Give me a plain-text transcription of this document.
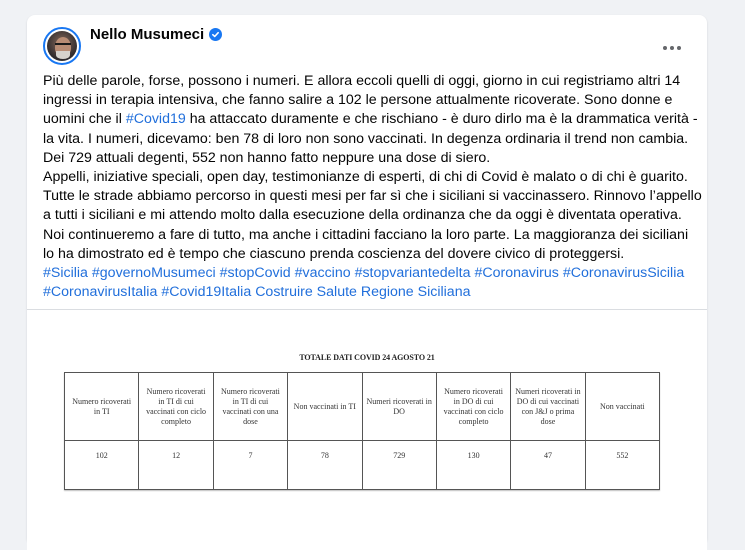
Nello Musumeci

Più delle parole, forse, possono i numeri. E allora eccoli quelli di oggi, giorno in cui registriamo altri 14

ingressi in terapia intensiva, che fanno salire a 102 le persone attualmente ricoverate. Sono donne e

uomini che il #Covid19 ha attaccato duramente e che rischiano - è duro dirlo ma è la drammatica verità -

la vita. I numeri, dicevamo: ben 78 di loro non sono vaccinati. In degenza ordinaria il trend non cambia.

Dei 729 attuali degenti, 552 non hanno fatto neppure una dose di siero.

Appelli, iniziative speciali, open day, testimonianze di esperti, di chi di Covid è malato o di chi è guarito.

Tutte le strade abbiamo percorso in questi mesi per far sì che i siciliani si vaccinassero. Rinnovo l’appello

a tutti i siciliani e mi attendo molto dalla esecuzione della ordinanza che da oggi è diventata operativa.

Noi continueremo a fare di tutto, ma anche i cittadini facciano la loro parte. La maggioranza dei siciliani

lo ha dimostrato ed è tempo che ciascuno prenda coscienza del dovere civico di proteggersi.

#Sicilia #governoMusumeci #stopCovid #vaccino #stopvariantedelta #Coronavirus #CoronavirusSicilia

#CoronavirusItalia #Covid19Italia Costruire Salute Regione Siciliana

TOTALE DATI COVID 24 AGOSTO 21
Numero ricoverati in TI	Numero ricoverati in TI di cui vaccinati con ciclo completo	Numero ricoverati in TI di cui vaccinati con una dose	Non vaccinati in TI	Numeri ricoverati in DO	Numero ricoverati in DO di cui vaccinati con ciclo completo	Numeri ricoverati in DO di cui vaccinati con J&J o prima dose	Non vaccinati
102	12	7	78	729	130	47	552
